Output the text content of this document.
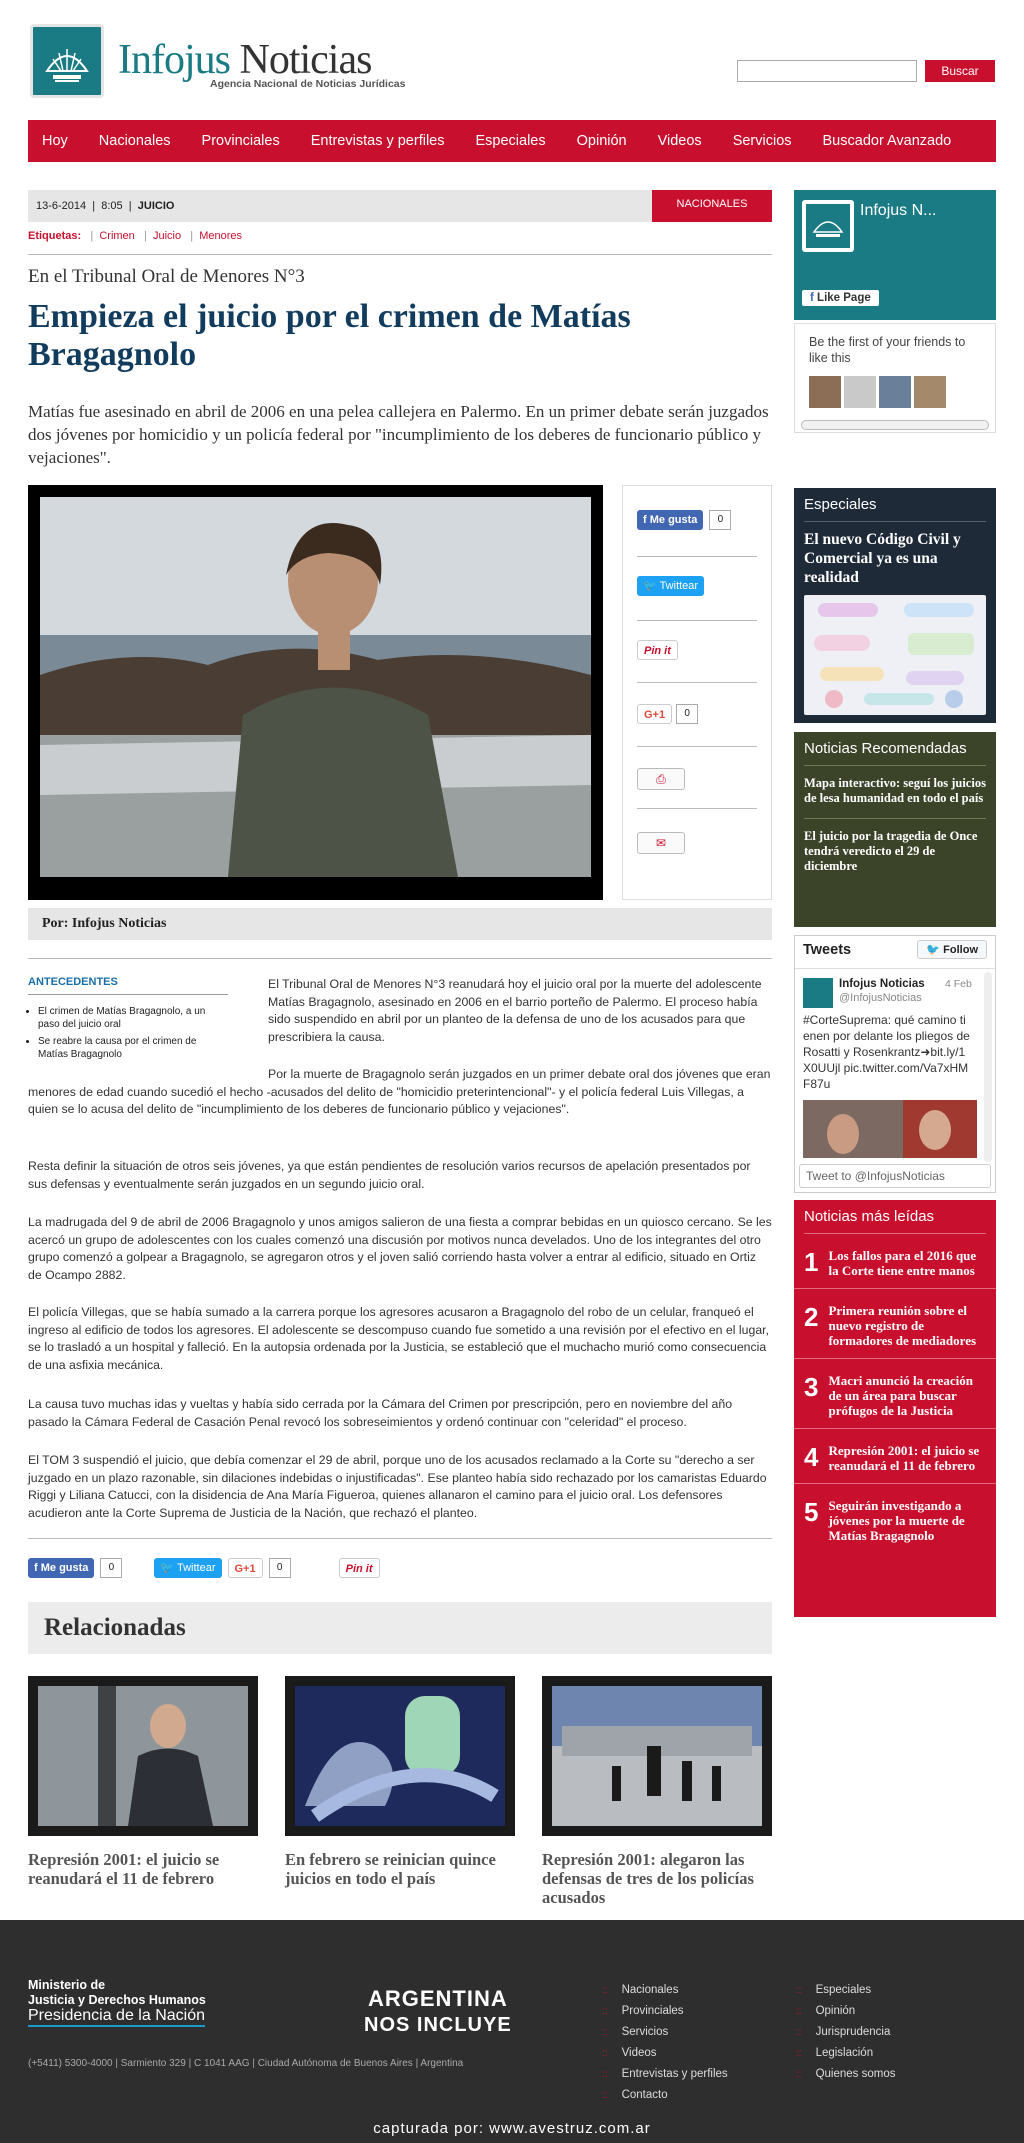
Infojus Noticias
Agencia Nacional de Noticias Jurídicas
Buscar
Hoy Nacionales Provinciales Entrevistas y perfiles Especiales Opinión Videos Servicios Buscador Avanzado
13-6-2014  |  8:05  |  JUICIO	NACIONALES
Etiquetas:   |  Crimen   |  Juicio   |  Menores
En el Tribunal Oral de Menores N°3
Empieza el juicio por el crimen de Matías Bragagnolo
Matías fue asesinado en abril de 2006 en una pelea callejera en Palermo. En un primer debate serán juzgados dos jóvenes por homicidio y un policía federal por "incumplimiento de los deberes de funcionario público y vejaciones".
f Me gusta	0
🐦 Twittear
Pin it
G+1	0
⎙
✉
Por: Infojus Noticias
ANTECEDENTES
• El crimen de Matías Bragagnolo, a un paso del juicio oral
• Se reabre la causa por el crimen de Matías Bragagnolo
El Tribunal Oral de Menores N°3 reanudará hoy el juicio oral por la muerte del adolescente Matías Bragagnolo, asesinado en 2006 en el barrio porteño de Palermo. El proceso había sido suspendido en abril por un planteo de la defensa de uno de los acusados para que prescribiera la causa.
Por la muerte de Bragagnolo serán juzgados en un primer debate oral dos jóvenes que eran menores de edad cuando sucedió el hecho -acusados del delito de "homicidio preterintencional"- y el policía federal Luis Villegas, a quien se lo acusa del delito de "incumplimiento de los deberes de funcionario público y vejaciones".
Resta definir la situación de otros seis jóvenes, ya que están pendientes de resolución varios recursos de apelación presentados por sus defensas y eventualmente serán juzgados en un segundo juicio oral.
La madrugada del 9 de abril de 2006 Bragagnolo y unos amigos salieron de una fiesta a comprar bebidas en un quiosco cercano. Se les acercó un grupo de adolescentes con los cuales comenzó una discusión por motivos nunca develados. Uno de los integrantes del otro grupo comenzó a golpear a Bragagnolo, se agregaron otros y el joven salió corriendo hasta volver a entrar al edificio, situado en Ortiz de Ocampo 2882.
El policía Villegas, que se había sumado a la carrera porque los agresores acusaron a Bragagnolo del robo de un celular, franqueó el ingreso al edificio de todos los agresores. El adolescente se descompuso cuando fue sometido a una revisión por el efectivo en el lugar, se lo trasladó a un hospital y falleció. En la autopsia ordenada por la Justicia, se estableció que el muchacho murió como consecuencia de una asfixia mecánica.
La causa tuvo muchas idas y vueltas y había sido cerrada por la Cámara del Crimen por prescripción, pero en noviembre del año pasado la Cámara Federal de Casación Penal revocó los sobreseimientos y ordenó continuar con "celeridad" el proceso.
El TOM 3 suspendió el juicio, que debía comenzar el 29 de abril, porque uno de los acusados reclamado a la Corte su "derecho a ser juzgado en un plazo razonable, sin dilaciones indebidas o injustificadas". Ese planteo había sido rechazado por los camaristas Eduardo Riggi y Liliana Catucci, con la disidencia de Ana María Figueroa, quienes allanaron el camino para el juicio oral. Los defensores acudieron ante la Corte Suprema de Justicia de la Nación, que rechazó el planteo.
f Me gusta	0	🐦 Twittear	G+1	0	Pin it
Relacionadas
Represión 2001: el juicio se reanudará el 11 de febrero
En febrero se reinician quince juicios en todo el país
Represión 2001: alegaron las defensas de tres de los policías acusados
Infojus N...
f Like Page
Be the first of your friends to like this
Especiales
El nuevo Código Civil y Comercial ya es una realidad
Noticias Recomendadas
Mapa interactivo: seguí los juicios de lesa humanidad en todo el país
El juicio por la tragedia de Once tendrá veredicto el 29 de diciembre
Tweets	🐦 Follow
Infojus Noticias 4 Feb
@InfojusNoticias
#CorteSuprema: qué camino tienen por delante los pliegos de Rosatti y Rosenkrantz➜bit.ly/1X0UUjl pic.twitter.com/Va7xHMF87u
Tweet to @InfojusNoticias
Noticias más leídas
1 Los fallos para el 2016 que la Corte tiene entre manos
2 Primera reunión sobre el nuevo registro de formadores de mediadores
3 Macri anunció la creación de un área para buscar prófugos de la Justicia
4 Represión 2001: el juicio se reanudará el 11 de febrero
5 Seguirán investigando a jóvenes por la muerte de Matías Bragagnolo
Ministerio de
Justicia y Derechos Humanos
Presidencia de la Nación
ARGENTINA
NOS INCLUYE
(+5411) 5300-4000 | Sarmiento 329 | C 1041 AAG | Ciudad Autónoma de Buenos Aires | Argentina
:: Nacionales
:: Provinciales
:: Servicios
:: Videos
:: Entrevistas y perfiles
:: Contacto
:: Especiales
:: Opinión
:: Jurisprudencia
:: Legislación
:: Quienes somos
capturada por: www.avestruz.com.ar
